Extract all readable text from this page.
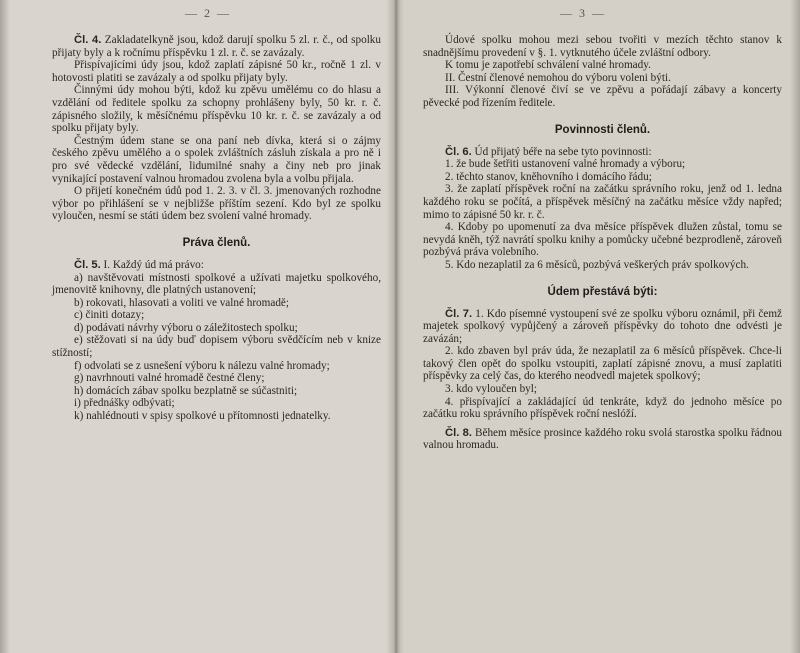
— 2 —

Čl. 4. Zakladatelkyně jsou, kdož darují spolku 5 zl. r. č., od spolku přijaty byly a k ročnímu příspěvku 1 zl. r. č. se zavázaly.

Přispívajícími údy jsou, kdož zaplatí zápisné 50 kr., ročně 1 zl. v hotovosti platiti se zavázaly a od spolku přijaty byly.

Činnými údy mohou býti, kdož ku zpěvu umělému co do hlasu a vzdělání od ředitele spolku za schopny prohlášeny byly, 50 kr. r. č. zápisného složily, k měsíčnému příspěvku 10 kr. r. č. se zavázaly a od spolku přijaty byly.

Čestným údem stane se ona paní neb dívka, která si o zájmy českého zpěvu umělého a o spolek zvláštních zásluh získala a pro ně i pro své vědecké vzdělání, lidumilné snahy a činy neb pro jinak vynikající postavení valnou hromadou zvolena byla a volbu přijala.

O přijetí konečném údů pod 1. 2. 3. v čl. 3. jmenovaných rozhodne výbor po přihlášení se v nejbližše příštím sezení. Kdo byl ze spolku vyloučen, nesmí se státi údem bez svolení valné hromady.

Práva členů.

Čl. 5. I. Každý úd má právo:

a) navštěvovati místnosti spolkové a užívati majetku spolkového, jmenovitě knihovny, dle platných ustanovení;

b) rokovati, hlasovati a voliti ve valné hromadě;

c) činiti dotazy;

d) podávati návrhy výboru o záležitostech spolku;

e) stěžovati si na údy buď dopisem výboru svědčícím neb v knize stížností;

f) odvolati se z usnešení výboru k nálezu valné hromady;

g) navrhnouti valné hromadě čestné členy;

h) domácích zábav spolku bezplatně se súčastniti;

i) přednášky odbývati;

k) nahlédnouti v spisy spolkové u přítomnosti jednatelky.

— 3 —

Údové spolku mohou mezi sebou tvořiti v mezích těchto stanov k snadnějšímu provedení v §. 1. vytknutého účele zvláštní odbory.

K tomu je zapotřebí schválení valné hromady.

II. Čestní členové nemohou do výboru voleni býti.

III. Výkonní členové čiví se ve zpěvu a pořádají zábavy a koncerty pěvecké pod řízením ředitele.

Povinnosti členů.

Čl. 6. Úd přijatý béře na sebe tyto povinnosti:

1. že bude šetřiti ustanovení valné hromady a výboru;

2. těchto stanov, kněhovního i domácího řádu;

3. že zaplatí příspěvek roční na začátku správního roku, jenž od 1. ledna každého roku se počítá, a příspěvek měsíčný na začátku měsíce vždy napřed; mimo to zápisné 50 kr. r. č.

4. Kdoby po upomenutí za dva měsíce příspěvek dlužen zůstal, tomu se nevydá kněh, týž navrátí spolku knihy a pomůcky učebné bezprodleně, zároveň pozbývá práva volebního.

5. Kdo nezaplatil za 6 měsíců, pozbývá veškerých práv spolkových.

Údem přestává býti:

Čl. 7. 1. Kdo písemné vystoupení své ze spolku výboru oznámil, při čemž majetek spolkový vypůjčený a zároveň příspěvky do tohoto dne odvésti je zavázán;

2. kdo zbaven byl práv úda, že nezaplatil za 6 měsíců příspěvek. Chce-li takový člen opět do spolku vstoupiti, zaplatí zápisné znovu, a musí zaplatiti příspěvky za celý čas, do kterého neodvedl majetek spolkový;

3. kdo vyloučen byl;

4. přispívající a zakládající úd tenkráte, když do jednoho měsíce po začátku roku správního příspěvek roční neslóží.

Čl. 8. Během měsíce prosince každého roku svolá starostka spolku řádnou valnou hromadu.
